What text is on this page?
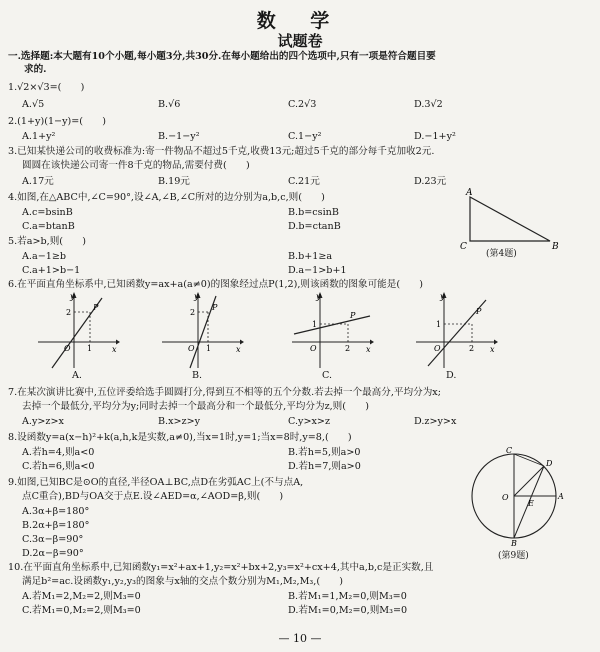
数 学
试题卷
一.选择题:本大题有10个小题,每小题3分,共30分.在每小题给出的四个选项中,只有一项是符合题目要
求的.
1.√2×√3=(　　)
A.√5	B.√6	C.2√3	D.3√2
2.(1+y)(1−y)=(　　)
A.1+y²	B.−1−y²	C.1−y²	D.−1+y²
3.已知某快递公司的收费标准为:寄一件物品不超过5千克,收费13元;超过5千克的部分每千克加收2元.
圆圆在该快递公司寄一件8千克的物品,需要付费(　　)
A.17元	B.19元	C.21元	D.23元
4.如图,在△ABC中,∠C=90°,设∠A,∠B,∠C所对的边分别为a,b,c,则(　　)
A.c=bsinB	B.b=csinB
C.a=btanB	D.b=ctanB
A
C	B
(第4题)
5.若a>b,则(　　)
A.a−1≥b	B.b+1≥a
C.a+1>b−1	D.a−1>b+1
6.在平面直角坐标系中,已知函数y=ax+a(a≠0)的图象经过点P(1,2),则该函数的图象可能是(　　)
y
x
O
2
1
P
A.
y
x
O
2
1
P
B.
y
x
O
1
2
P
C.
y
x
O
1
2
P
D.
7.在某次演讲比赛中,五位评委给选手圆圆打分,得到互不相等的五个分数.若去掉一个最高分,平均分为x;
去掉一个最低分,平均分为y;同时去掉一个最高分和一个最低分,平均分为z,则(　　)
A.y>z>x	B.x>z>y	C.y>x>z	D.z>y>x
8.设函数y=a(x−h)²+k(a,h,k是实数,a≠0),当x=1时,y=1;当x=8时,y=8,(　　)
A.若h=4,则a<0	B.若h=5,则a>0
C.若h=6,则a<0	D.若h=7,则a>0
9.如图,已知BC是⊙O的直径,半径OA⊥BC,点D在劣弧AC上(不与点A,
点C重合),BD与OA交于点E.设∠AED=α,∠AOD=β,则(　　)
A.3α+β=180°
B.2α+β=180°
C.3α−β=90°
D.2α−β=90°
C
D
O	A
E
B
(第9题)
10.在平面直角坐标系中,已知函数y₁=x²+ax+1,y₂=x²+bx+2,y₃=x²+cx+4,其中a,b,c是正实数,且
满足b²=ac.设函数y₁,y₂,y₃的图象与x轴的交点个数分别为M₁,M₂,M₃,(　　)
A.若M₁=2,M₂=2,则M₃=0	B.若M₁=1,M₂=0,则M₃=0
C.若M₁=0,M₂=2,则M₃=0	D.若M₁=0,M₂=0,则M₃=0
— 10 —
